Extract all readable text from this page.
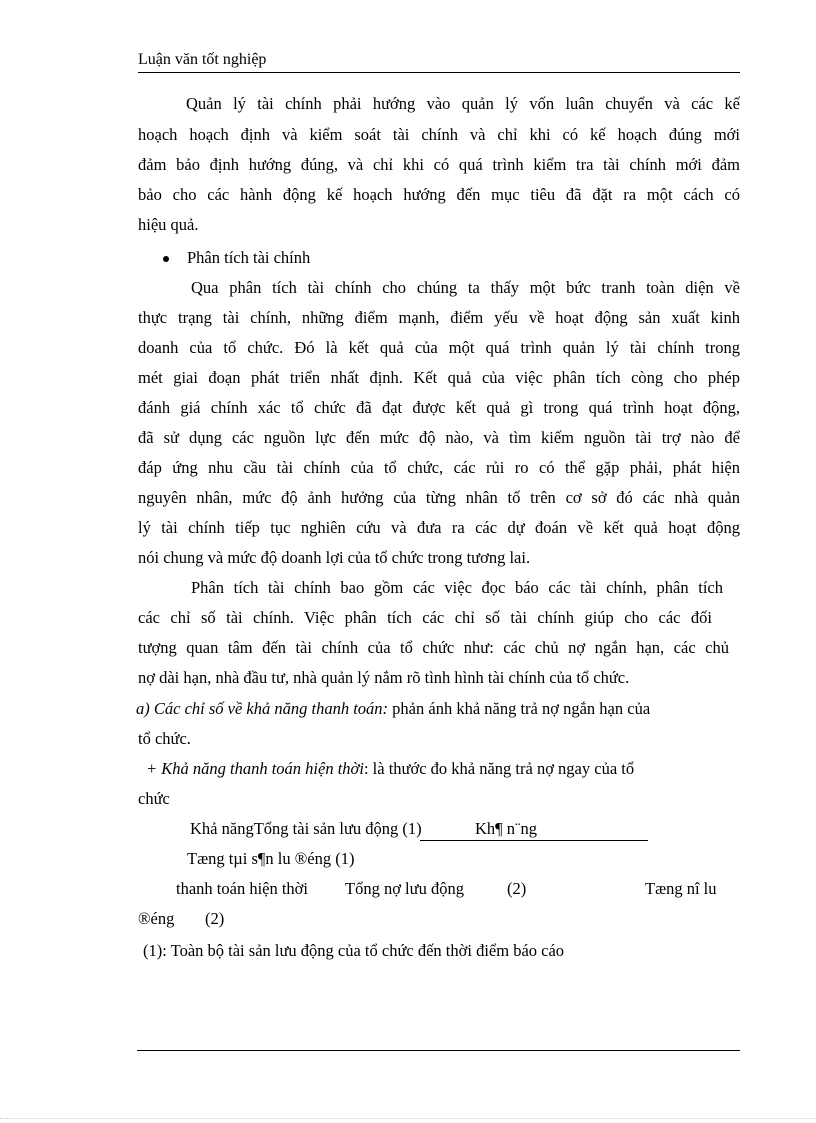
Luận văn tốt nghiệp
Quản lý tài chính phải hướng vào quản lý vốn luân chuyển và các kế
hoạch hoạch định và kiểm soát tài chính và chỉ khi có kế hoạch đúng mới
đảm bảo định hướng đúng, và chỉ khi có quá trình kiểm tra tài chính mới đảm
bảo cho các hành động kế hoạch hướng đến mục tiêu đã đặt ra một cách có
hiệu quả.
Phân tích tài chính
Qua phân tích tài chính cho chúng ta thấy một bức tranh toàn diện về
thực trạng tài chính, những điểm mạnh, điểm yếu về hoạt động sản xuất kinh
doanh của tổ chức. Đó là kết quả của một quá trình quản lý tài chính trong
mét giai đoạn phát triển nhất định. Kết quả của việc phân tích còng cho phép
đánh giá chính xác tổ chức đã đạt được kết quả gì trong quá trình hoạt động,
đã sử dụng các nguồn lực đến mức độ nào, và tìm kiếm nguồn tài trợ nào để
đáp ứng nhu cầu tài chính của tổ chức, các rủi ro có thể gặp phải, phát hiện
nguyên nhân, mức độ ảnh hưởng của từng nhân tố trên cơ sở đó các nhà quản
lý tài chính tiếp tục nghiên cứu và đưa ra các dự đoán về kết quả hoạt động
nói chung và mức độ doanh lợi của tổ chức trong tương lai.
Phân tích tài chính bao gồm các việc đọc báo các tài chính, phân tích
các chỉ số tài chính. Việc phân tích các chỉ số tài chính giúp cho các đối
tượng quan tâm đến tài chính của tổ chức như: các chủ nợ ngắn hạn, các chủ
nợ dài hạn, nhà đầu tư, nhà quản lý nắm rõ tình hình tài chính của tổ chức.
a) Các chỉ số về khả năng thanh toán: phản ánh khả năng trả nợ ngắn hạn của
tổ chức.
+ Khả năng thanh toán hiện thời: là thước đo khả năng trả nợ ngay của tổ
chức
Khả năngTổng tài sản lưu động (1)	Kh¶ n¨ng
Tæng tµi s¶n lu ®éng (1)
thanh toán hiện thời Tổng nợ lưu động	(2)	Tæng nî lu
®éng (2)
(1): Toàn bộ tài sản lưu động của tổ chức đến thời điểm báo cáo
